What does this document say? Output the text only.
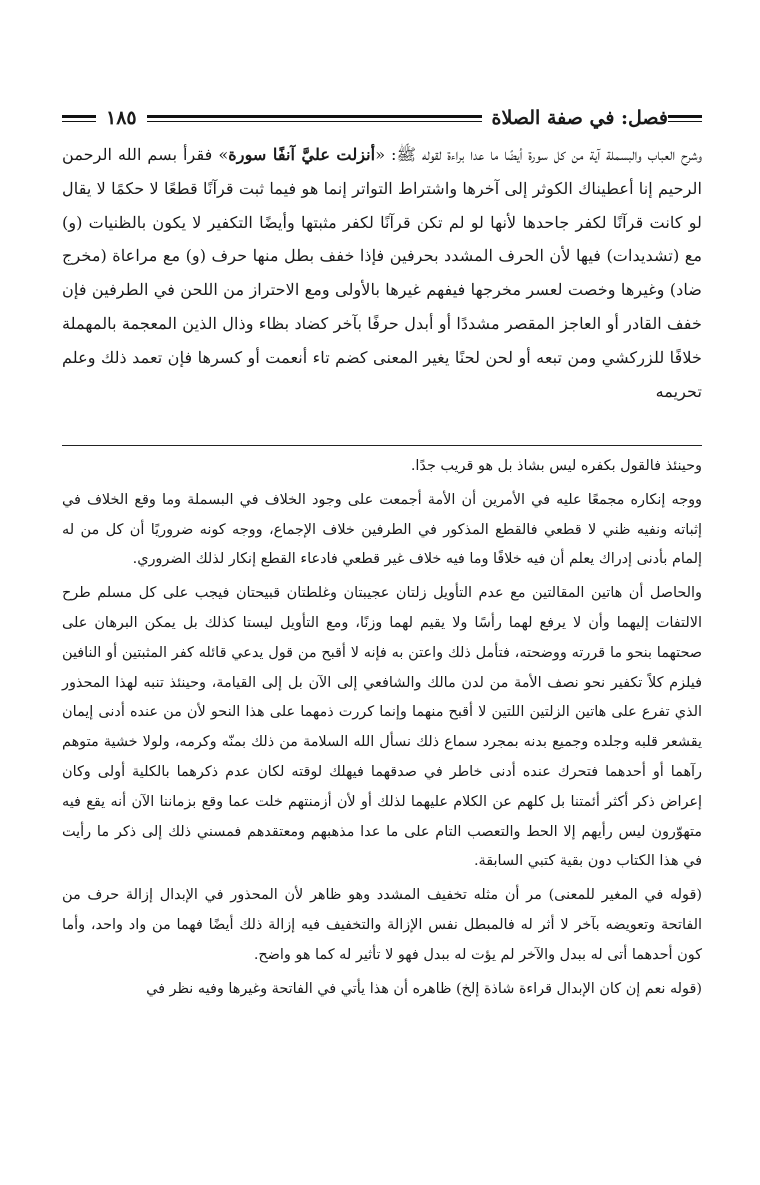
فصل: في صفة الصلاة
١٨٥

وشرح العباب والبسملة آية من كل سورة أيضًا ما عدا براءة لقوله ﷺ: «أنزلت عليَّ آنفًا سورة» فقرأ بسم الله الرحمن الرحيم إنا أعطيناك الكوثر إلى آخرها واشتراط التواتر إنما هو فيما ثبت قرآنًا قطعًا لا حكمًا لا يقال لو كانت قرآنًا لكفر جاحدها لأنها لو لم تكن قرآنًا لكفر مثبتها وأيضًا التكفير لا يكون بالظنيات (و) مع (تشديدات) فيها لأن الحرف المشدد بحرفين فإذا خفف بطل منها حرف (و) مع مراعاة (مخرج ضاد) وغيرها وخصت لعسر مخرجها فيفهم غيرها بالأولى ومع الاحتراز من اللحن في الطرفين فإن خفف القادر أو العاجز المقصر مشددًا أو أبدل حرفًا بآخر كضاد بظاء وذال الذين المعجمة بالمهملة خلافًا للزركشي ومن تبعه أو لحن لحنًا يغير المعنى كضم تاء أنعمت أو كسرها فإن تعمد ذلك وعلم تحريمه

وحينئذ فالقول بكفره ليس بشاذ بل هو قريب جدًا.

ووجه إنكاره مجمعًا عليه في الأمرين أن الأمة أجمعت على وجود الخلاف في البسملة وما وقع الخلاف في إثباته ونفيه ظني لا قطعي فالقطع المذكور في الطرفين خلاف الإجماع، ووجه كونه ضروريًا أن كل من له إلمام بأدنى إدراك يعلم أن فيه خلافًا وما فيه خلاف غير قطعي فادعاء القطع إنكار لذلك الضروري.

والحاصل أن هاتين المقالتين مع عدم التأويل زلتان عجيبتان وغلطتان قبيحتان فيجب على كل مسلم طرح الالتفات إليهما وأن لا يرفع لهما رأسًا ولا يقيم لهما وزنًا، ومع التأويل ليستا كذلك بل يمكن البرهان على صحتهما بنحو ما قررته ووضحته، فتأمل ذلك واعتن به فإنه لا أقبح من قول يدعي قائله كفر المثبتين أو النافين فيلزم كلاً تكفير نحو نصف الأمة من لدن مالك والشافعي إلى الآن بل إلى القيامة، وحينئذ تنبه لهذا المحذور الذي تفرع على هاتين الزلتين اللتين لا أقبح منهما وإنما كررت ذمهما على هذا النحو لأن من عنده أدنى إيمان يقشعر قلبه وجلده وجميع بدنه بمجرد سماع ذلك نسأل الله السلامة من ذلك بمنّه وكرمه، ولولا خشية متوهم رآهما أو أحدهما فتحرك عنده أدنى خاطر في صدقهما فيهلك لوقته لكان عدم ذكرهما بالكلية أولى وكان إعراض ذكر أكثر أئمتنا بل كلهم عن الكلام عليهما لذلك أو لأن أزمنتهم خلت عما وقع بزماننا الآن أنه يقع فيه متهوّرون ليس رأيهم إلا الحط والتعصب التام على ما عدا مذهبهم ومعتقدهم فمسني ذلك إلى ذكر ما رأيت في هذا الكتاب دون بقية كتبي السابقة.

(قوله في المغير للمعنى) مر أن مثله تخفيف المشدد وهو ظاهر لأن المحذور في الإبدال إزالة حرف من الفاتحة وتعويضه بآخر لا أثر له فالمبطل نفس الإزالة والتخفيف فيه إزالة ذلك أيضًا فهما من واد واحد، وأما كون أحدهما أتى له ببدل والآخر لم يؤت له ببدل فهو لا تأثير له كما هو واضح.

(قوله نعم إن كان الإبدال قراءة شاذة إلخ) ظاهره أن هذا يأتي في الفاتحة وغيرها وفيه نظر في
